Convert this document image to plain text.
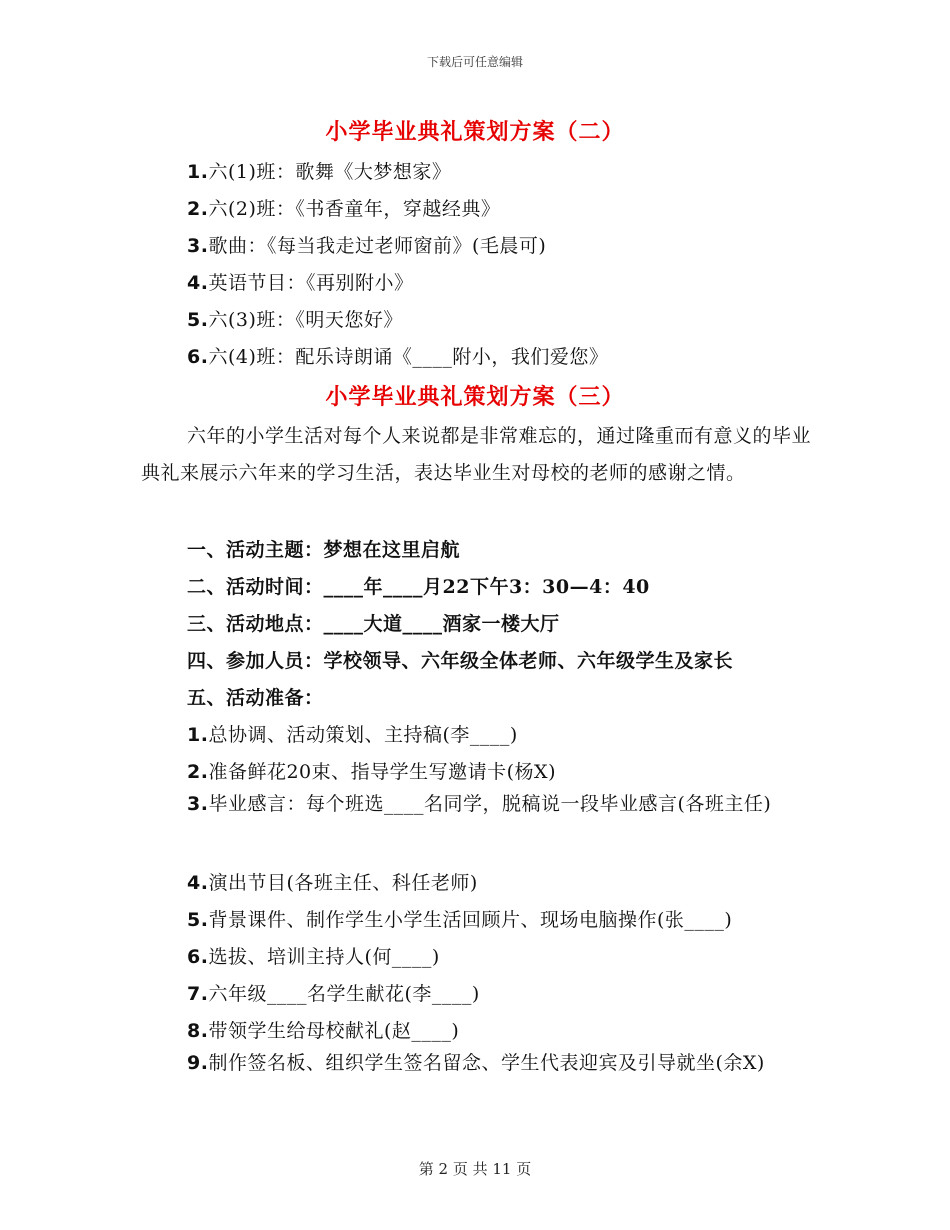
下载后可任意编辑
小学毕业典礼策划方案（二）
1.六(1)班：歌舞《大梦想家》
2.六(2)班：《书香童年，穿越经典》
3.歌曲：《每当我走过老师窗前》(毛晨可)
4.英语节目：《再别附小》
5.六(3)班：《明天您好》
6.六(4)班：配乐诗朗诵《____附小，我们爱您》
小学毕业典礼策划方案（三）
六年的小学生活对每个人来说都是非常难忘的，通过隆重而有意义的毕业典礼来展示六年来的学习生活，表达毕业生对母校的老师的感谢之情。
一、活动主题：梦想在这里启航
二、活动时间：____年____月22下午3：30—4：40
三、活动地点：____大道____酒家一楼大厅
四、参加人员：学校领导、六年级全体老师、六年级学生及家长
五、活动准备：
1.总协调、活动策划、主持稿(李____)
2.准备鲜花20束、指导学生写邀请卡(杨X)
3.毕业感言：每个班选____名同学，脱稿说一段毕业感言(各班主任)
4.演出节目(各班主任、科任老师)
5.背景课件、制作学生小学生活回顾片、现场电脑操作(张____)
6.选拔、培训主持人(何____)
7.六年级____名学生献花(李____)
8.带领学生给母校献礼(赵____)
9.制作签名板、组织学生签名留念、学生代表迎宾及引导就坐(余X)
第 2 页 共 11 页
